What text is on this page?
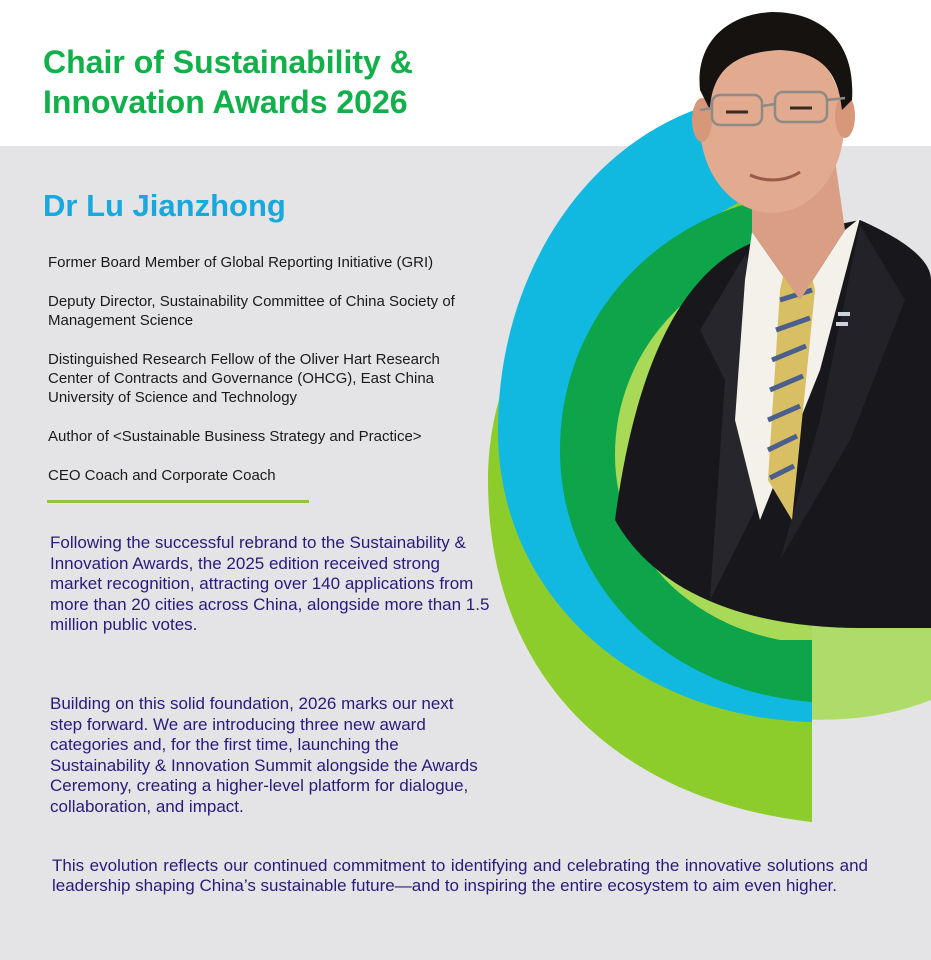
Chair of Sustainability &
Innovation Awards 2026
Dr Lu Jianzhong
Former Board Member of Global Reporting Initiative (GRI)
Deputy Director, Sustainability Committee of China Society of Management Science
Distinguished Research Fellow of the Oliver Hart Research Center of Contracts and Governance (OHCG), East China University of Science and Technology
Author of <Sustainable Business Strategy and Practice>
CEO Coach and Corporate Coach

Following the successful rebrand to the Sustainability & Innovation Awards, the 2025 edition received strong market recognition, attracting over 140 applications from more than 20 cities across China, alongside more than 1.5 million public votes.

Building on this solid foundation, 2026 marks our next step forward. We are introducing three new award categories and, for the first time, launching the Sustainability & Innovation Summit alongside the Awards Ceremony, creating a higher-level platform for dialogue, collaboration, and impact.

This evolution reflects our continued commitment to identifying and celebrating the innovative solutions and leadership shaping China’s sustainable future—and to inspiring the entire ecosystem to aim even higher.
